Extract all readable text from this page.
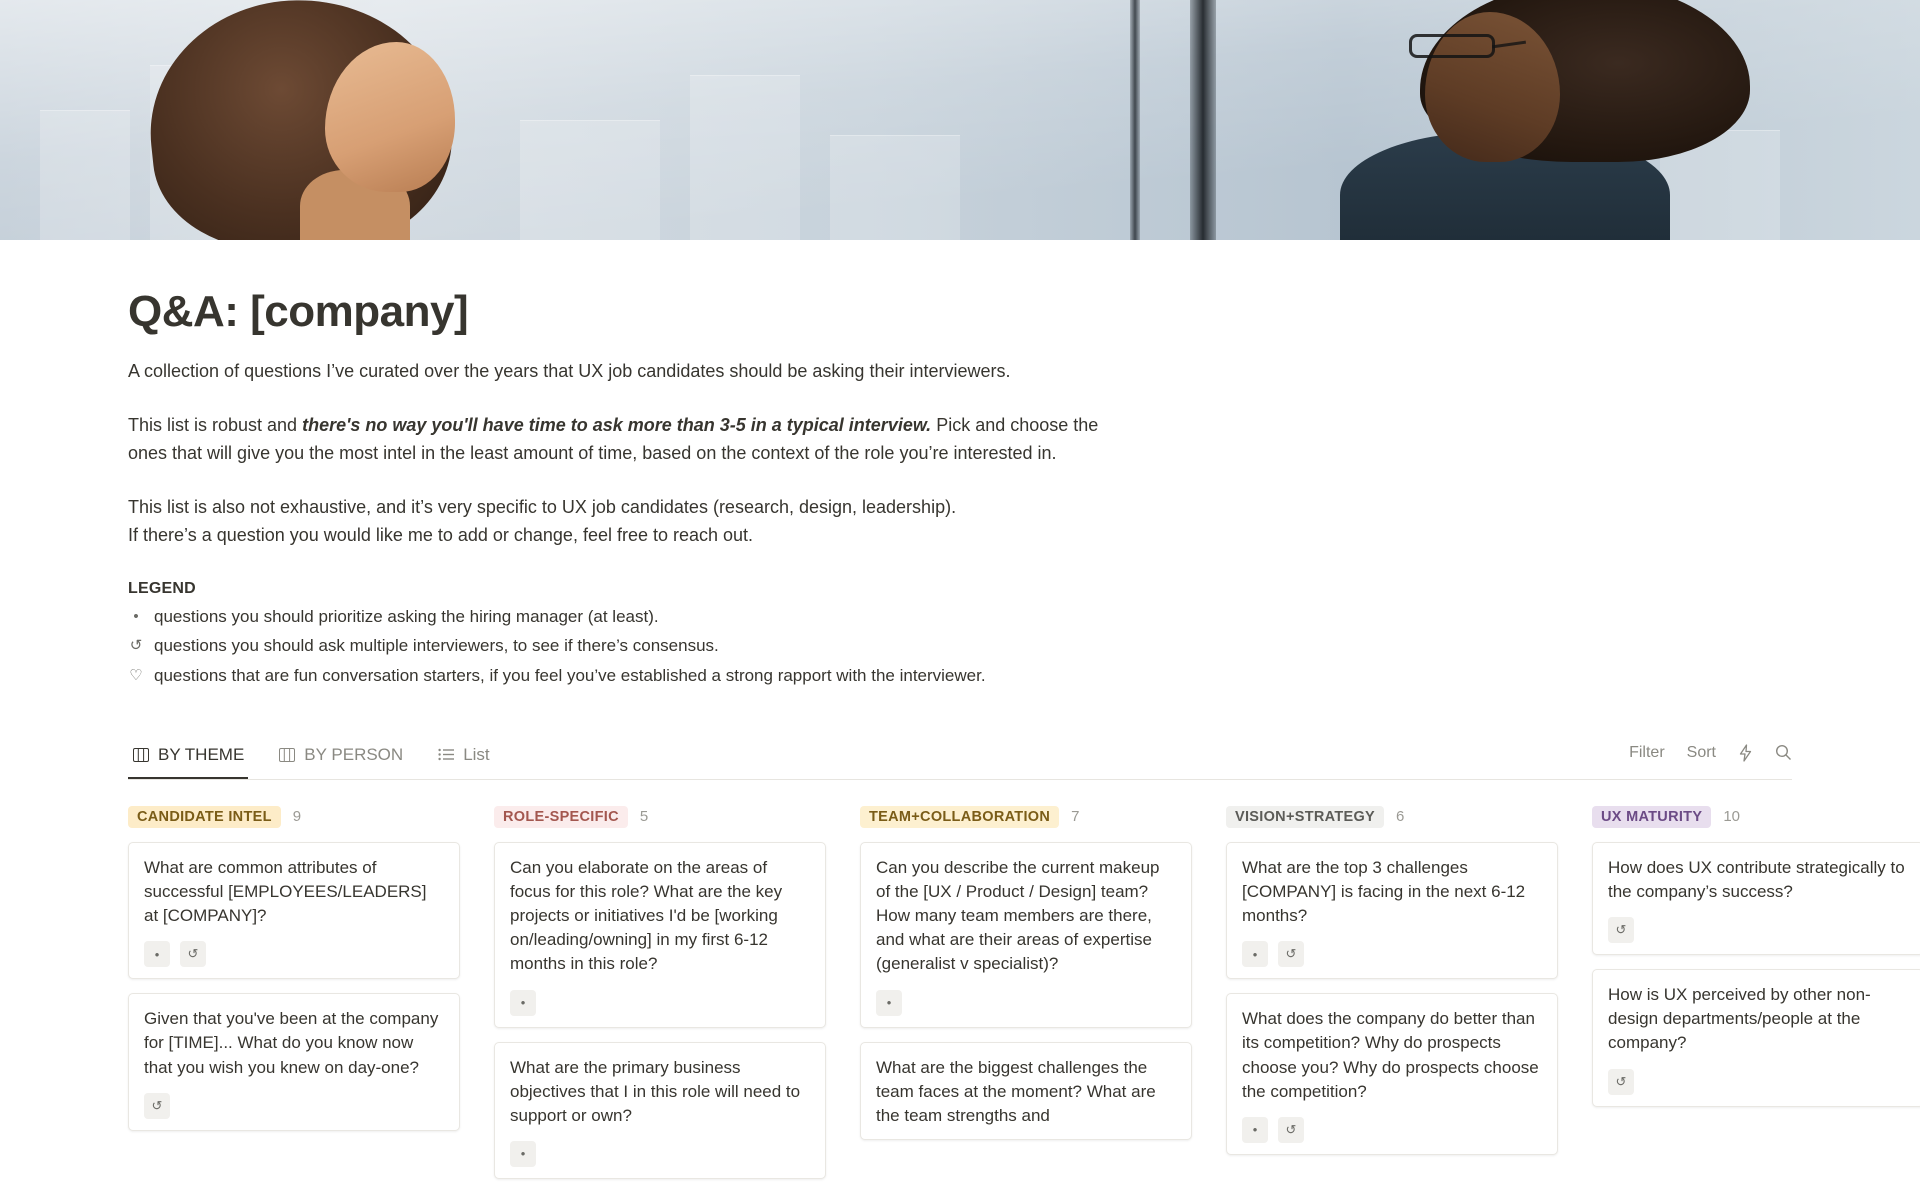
Q&A: [company]

A collection of questions I’ve curated over the years that UX job candidates should be asking their interviewers.

This list is robust and there's no way you'll have time to ask more than 3-5 in a typical interview. Pick and choose the ones that will give you the most intel in the least amount of time, based on the context of the role you’re interested in.

This list is also not exhaustive, and it’s very specific to UX job candidates (research, design, leadership).

If there’s a question you would like me to add or change, feel free to reach out.

LEGEND
• questions you should prioritize asking the hiring manager (at least).
↺ questions you should ask multiple interviewers, to see if there’s consensus.
♡ questions that are fun conversation starters, if you feel you’ve established a strong rapport with the interviewer.
BY THEME	BY PERSON	List	Filter Sort
CANDIDATE INTEL	9
What are common attributes of successful [EMPLOYEES/LEADERS] at [COMPANY]?
•	↺
Given that you've been at the company for [TIME]... What do you know now that you wish you knew on day-one?
↺
ROLE-SPECIFIC	5
Can you elaborate on the areas of focus for this role? What are the key projects or initiatives I'd be [working on/leading/owning] in my first 6-12 months in this role?
•
What are the primary business objectives that I in this role will need to support or own?
•
TEAM+COLLABORATION	7
Can you describe the current makeup of the [UX / Product / Design] team? How many team members are there, and what are their areas of expertise (generalist v specialist)?
•
What are the biggest challenges the team faces at the moment? What are the team strengths and
VISION+STRATEGY	6
What are the top 3 challenges [COMPANY] is facing in the next 6-12 months?
•	↺
What does the company do better than its competition? Why do prospects choose you? Why do prospects choose the competition?
•	↺
UX MATURITY	10
How does UX contribute strategically to the company’s success?
↺
How is UX perceived by other non-design departments/people at the company?
↺
